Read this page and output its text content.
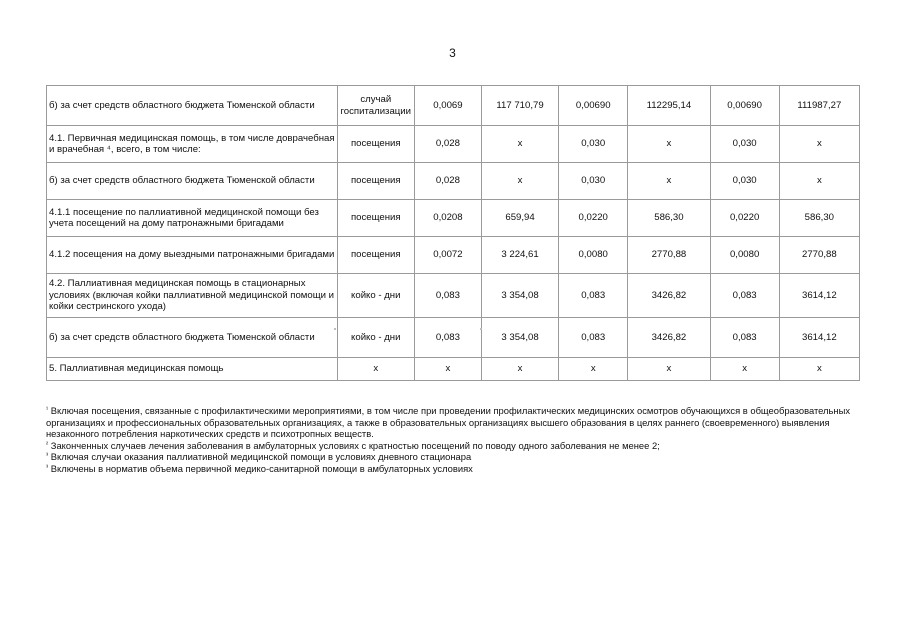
3
б) за счет средств областного бюджета Тюменской области	случай госпитализации	0,0069	117 710,79	0,00690	112295,14	0,00690	111987,27
4.1. Первичная медицинская помощь, в том числе доврачебная и врачебная ⁴, всего, в том числе:	посещения	0,028	х	0,030	х	0,030	х
б) за счет средств областного бюджета Тюменской области	посещения	0,028	х	0,030	х	0,030	х
4.1.1 посещение по паллиативной медицинской помощи без учета посещений на дому патронажными бригадами	посещения	0,0208	659,94	0,0220	586,30	0,0220	586,30
4.1.2 посещения на дому выездными патронажными бригадами	посещения	0,0072	3 224,61	0,0080	2770,88	0,0080	2770,88
4.2. Паллиативная медицинская помощь в стационарных условиях (включая койки паллиативной медицинской помощи и койки сестринского ухода)	койко - дни	0,083	3 354,08	0,083	3426,82	0,083	3614,12
б) за счет средств областного бюджета Тюменской области	койко - дни	0,083	3 354,08	0,083	3426,82	0,083	3614,12
5. Паллиативная медицинская помощь	х	х	х	х	х	х	х

$^{^1}$ Включая посещения, связанные с профилактическими мероприятиями, в том числе при проведении профилактических медицинских осмотров обучающихся в общеобразовательных организациях и профессиональных образовательных организациях, а также в образовательных организациях высшего образования в целях раннего (своевременного) выявления незаконного потребления наркотических средств и психотропных веществ.

$^{^2}$ Законченных случаев лечения заболевания в амбулаторных условиях с кратностью посещений по поводу одного заболевания не менее 2;

$^{^3}$ Включая случаи оказания паллиативной медицинской помощи в условиях дневного стационара

$^{^3}$ Включены в норматив объема первичной медико-санитарной помощи в амбулаторных условиях
